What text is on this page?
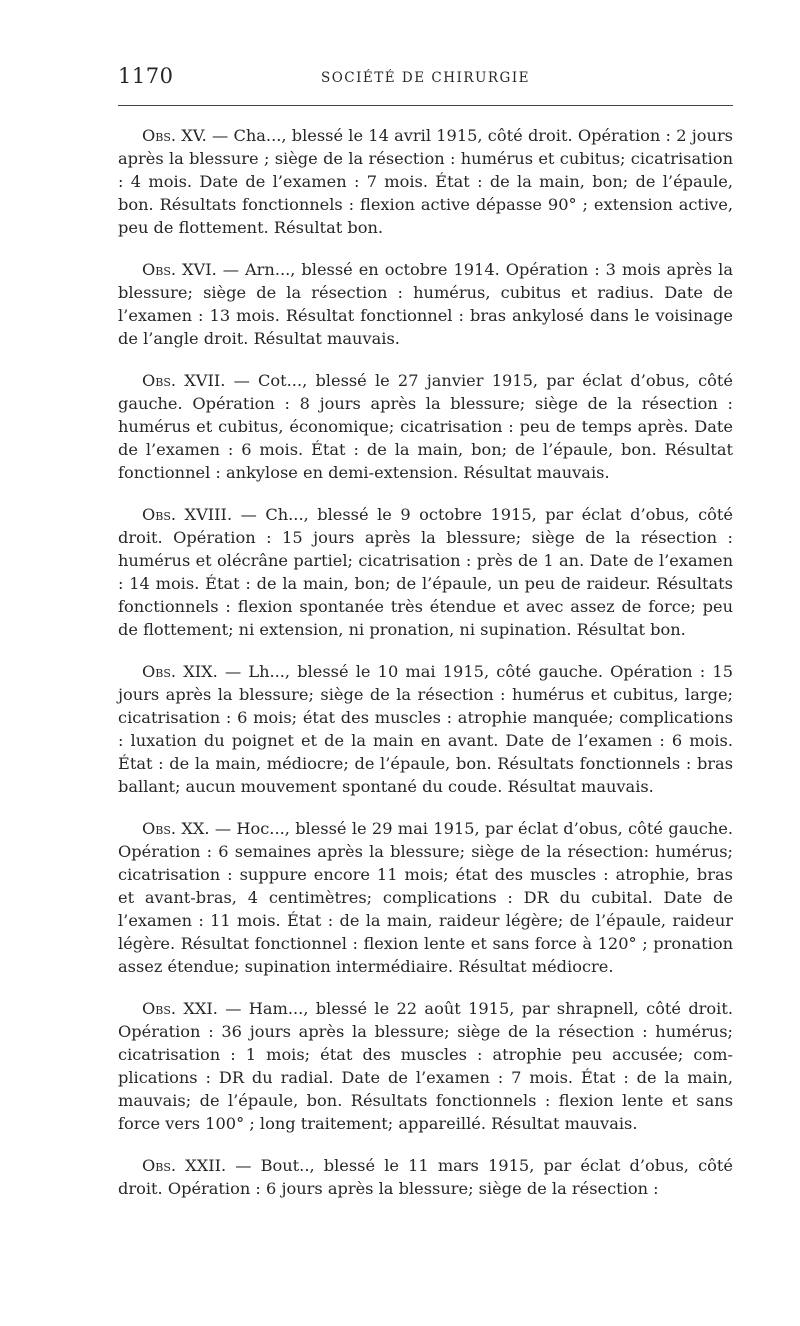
1170	SOCIÉTÉ DE CHIRURGIE

Obs. XV. — Cha..., blessé le 14 avril 1915, côté droit. Opération : 2 jours après la blessure ; siège de la résection : humérus et cubitus; cicatrisation : 4 mois. Date de l’examen : 7 mois. État : de la main, bon; de l’épaule, bon. Résultats fonctionnels : flexion active dépasse 90° ; extension active, peu de flottement. Résultat bon.

Obs. XVI. — Arn..., blessé en octobre 1914. Opération : 3 mois après la blessure; siège de la résection : humérus, cubitus et radius. Date de l’examen : 13 mois. Résultat fonctionnel : bras ankylosé dans le voisinage de l’angle droit. Résultat mauvais.

Obs. XVII. — Cot..., blessé le 27 janvier 1915, par éclat d’obus, côté gauche. Opération : 8 jours après la blessure; siège de la résection : humérus et cubitus, économique; cicatrisation : peu de temps après. Date de l’examen : 6 mois. État : de la main, bon; de l’épaule, bon. Résultat fonctionnel : ankylose en demi-extension. Résultat mauvais.

Obs. XVIII. — Ch..., blessé le 9 octobre 1915, par éclat d’obus, côté droit. Opération : 15 jours après la blessure; siège de la résection : humérus et olécrâne partiel; cicatrisation : près de 1 an. Date de l’examen : 14 mois. État : de la main, bon; de l’épaule, un peu de raideur. Résultats fonctionnels : flexion spontanée très étendue et avec assez de force; peu de flottement; ni extension, ni pronation, ni supination. Résultat bon.

Obs. XIX. — Lh..., blessé le 10 mai 1915, côté gauche. Opération : 15 jours après la blessure; siège de la résection : humérus et cubitus, large; cicatrisation : 6 mois; état des muscles : atrophie manquée; complications : luxation du poignet et de la main en avant. Date de l’examen : 6 mois. État : de la main, médiocre; de l’épaule, bon. Résultats fonctionnels : bras ballant; aucun mouvement spontané du coude. Résultat mauvais.

Obs. XX. — Hoc..., blessé le 29 mai 1915, par éclat d’obus, côté gauche. Opération : 6 semaines après la blessure; siège de la résection: humérus; cicatrisation : suppure encore 11 mois; état des muscles : atrophie, bras et avant-bras, 4 centimètres; complications : DR du cubital. Date de l’examen : 11 mois. État : de la main, raideur légère; de l’épaule, raideur légère. Résultat fonctionnel : flexion lente et sans force à 120° ; pronation assez étendue; supination intermédiaire. Résultat médiocre.

Obs. XXI. — Ham..., blessé le 22 août 1915, par shrapnell, côté droit. Opération : 36 jours après la blessure; siège de la résection : humérus; cicatrisation : 1 mois; état des muscles : atrophie peu accusée; complications : DR du radial. Date de l’examen : 7 mois. État : de la main, mauvais; de l’épaule, bon. Résultats fonctionnels : flexion lente et sans force vers 100° ; long traitement; appareillé. Résultat mauvais.

Obs. XXII. — Bout.., blessé le 11 mars 1915, par éclat d’obus, côté droit. Opération : 6 jours après la blessure; siège de la résection :
